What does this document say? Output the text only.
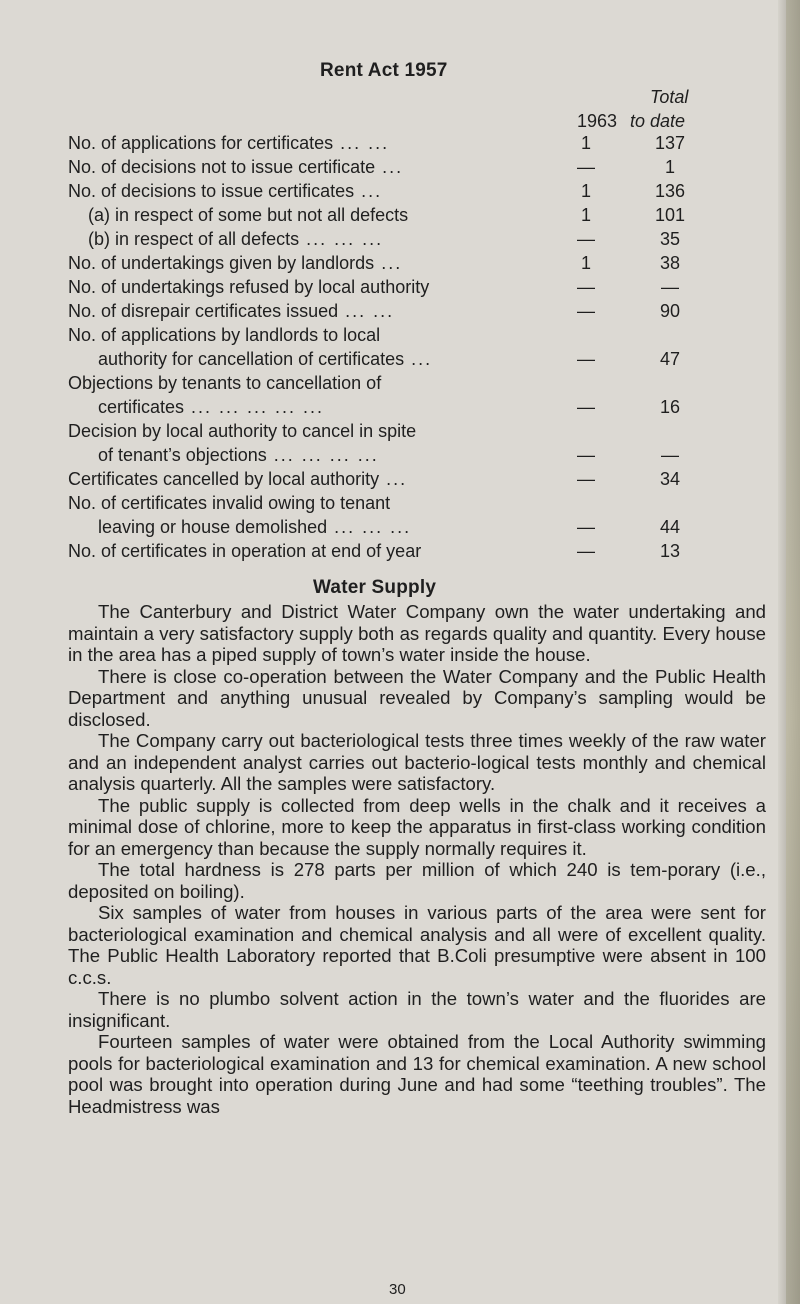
Rent Act 1957
Total
1963 to date
No. of applications for certificates ... ...	1	137
No. of decisions not to issue certificate ...	—	1
No. of decisions to issue certificates ...	1	136
(a) in respect of some but not all defects	1	101
(b) in respect of all defects ... ... ...	—	35
No. of undertakings given by landlords ...	1	38
No. of undertakings refused by local authority	—	—
No. of disrepair certificates issued ... ...	—	90
No. of applications by landlords to local
authority for cancellation of certificates ...	—	47
Objections by tenants to cancellation of
certificates ... ... ... ... ...	—	16
Decision by local authority to cancel in spite
of tenant’s objections ... ... ... ...	—	—
Certificates cancelled by local authority ...	—	34
No. of certificates invalid owing to tenant
leaving or house demolished ... ... ...	—	44
No. of certificates in operation at end of year	—	13
Water Supply

The Canterbury and District Water Company own the water undertaking and maintain a very satisfactory supply both as regards quality and quantity. Every house in the area has a piped supply of town’s water inside the house.

There is close co-operation between the Water Company and the Public Health Department and anything unusual revealed by Company’s sampling would be disclosed.

The Company carry out bacteriological tests three times weekly of the raw water and an independent analyst carries out bacterio-logical tests monthly and chemical analysis quarterly. All the samples were satisfactory.

The public supply is collected from deep wells in the chalk and it receives a minimal dose of chlorine, more to keep the apparatus in first-class working condition for an emergency than because the supply normally requires it.

The total hardness is 278 parts per million of which 240 is tem-porary (i.e., deposited on boiling).

Six samples of water from houses in various parts of the area were sent for bacteriological examination and chemical analysis and all were of excellent quality. The Public Health Laboratory reported that B.Coli presumptive were absent in 100 c.c.s.

There is no plumbo solvent action in the town’s water and the fluorides are insignificant.

Fourteen samples of water were obtained from the Local Authority swimming pools for bacteriological examination and 13 for chemical examination. A new school pool was brought into operation during June and had some “teething troubles”. The Headmistress was

30
